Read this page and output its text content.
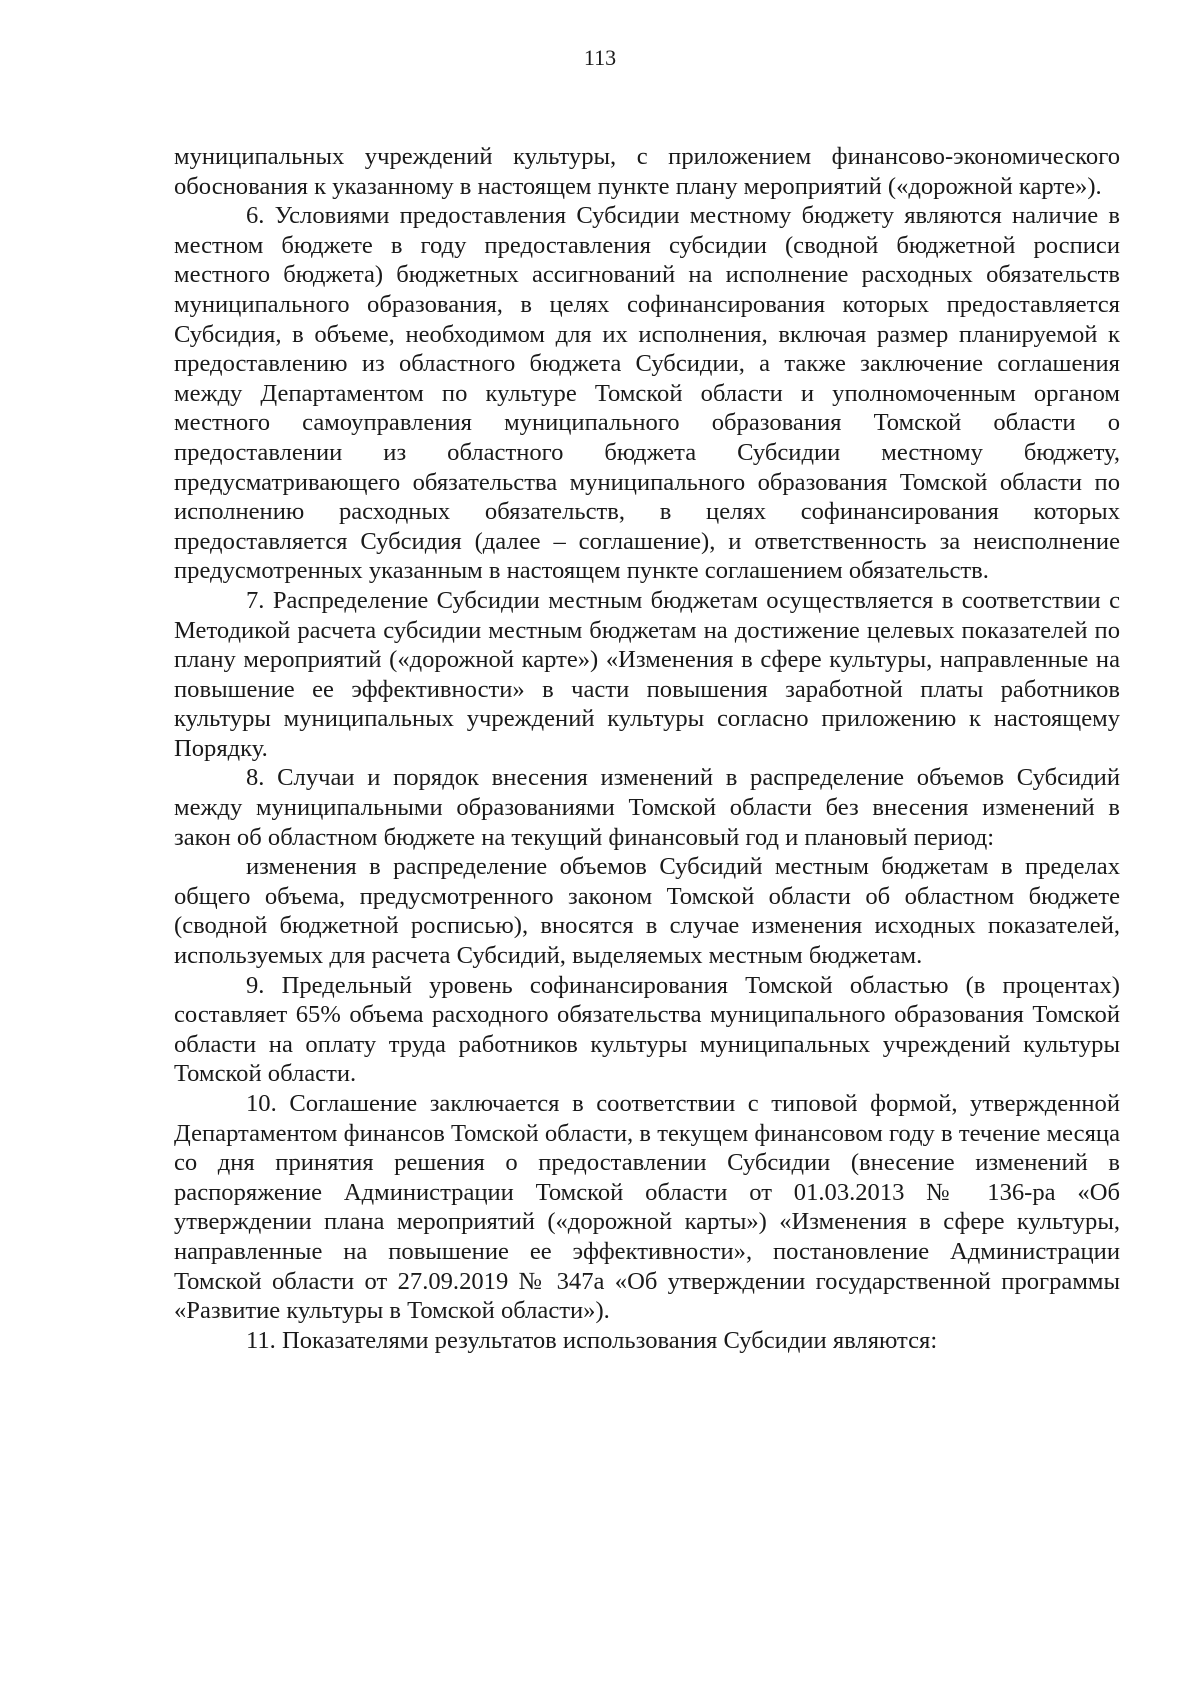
113

муниципальных учреждений культуры, с приложением финансово-экономического обоснования к указанному в настоящем пункте плану мероприятий («дорожной карте»).

6. Условиями предоставления Субсидии местному бюджету являются наличие в местном бюджете в году предоставления субсидии (сводной бюджетной росписи местного бюджета) бюджетных ассигнований на исполнение расходных обязательств муниципального образования, в целях софинансирования которых предоставляется Субсидия, в объеме, необходимом для их исполнения, включая размер планируемой к предоставлению из областного бюджета Субсидии, а также заключение соглашения между Департаментом по культуре Томской области и уполномоченным органом местного самоуправления муниципального образования Томской области о предоставлении из областного бюджета Субсидии местному бюджету, предусматривающего обязательства муниципального образования Томской области по исполнению расходных обязательств, в целях софинансирования которых предоставляется Субсидия (далее – соглашение), и ответственность за неисполнение предусмотренных указанным в настоящем пункте соглашением обязательств.

7. Распределение Субсидии местным бюджетам осуществляется в соответствии с Методикой расчета субсидии местным бюджетам на достижение целевых показателей по плану мероприятий («дорожной карте») «Изменения в сфере культуры, направленные на повышение ее эффективности» в части повышения заработной платы работников культуры муниципальных учреждений культуры согласно приложению к настоящему Порядку.

8. Случаи и порядок внесения изменений в распределение объемов Субсидий между муниципальными образованиями Томской области без внесения изменений в закон об областном бюджете на текущий финансовый год и плановый период:

изменения в распределение объемов Субсидий местным бюджетам в пределах общего объема, предусмотренного законом Томской области об областном бюджете (сводной бюджетной росписью), вносятся в случае изменения исходных показателей, используемых для расчета Субсидий, выделяемых местным бюджетам.

9. Предельный уровень софинансирования Томской областью (в процентах) составляет 65% объема расходного обязательства муниципального образования Томской области на оплату труда работников культуры муниципальных учреждений культуры Томской области.

10. Соглашение заключается в соответствии с типовой формой, утвержденной Департаментом финансов Томской области, в текущем финансовом году в течение месяца со дня принятия решения о предоставлении Субсидии (внесение изменений в распоряжение Администрации Томской области от 01.03.2013 № 136-ра «Об утверждении плана мероприятий («дорожной карты») «Изменения в сфере культуры, направленные на повышение ее эффективности», постановление Администрации Томской области от 27.09.2019 № 347а «Об утверждении государственной программы «Развитие культуры в Томской области»).

11. Показателями результатов использования Субсидии являются:
